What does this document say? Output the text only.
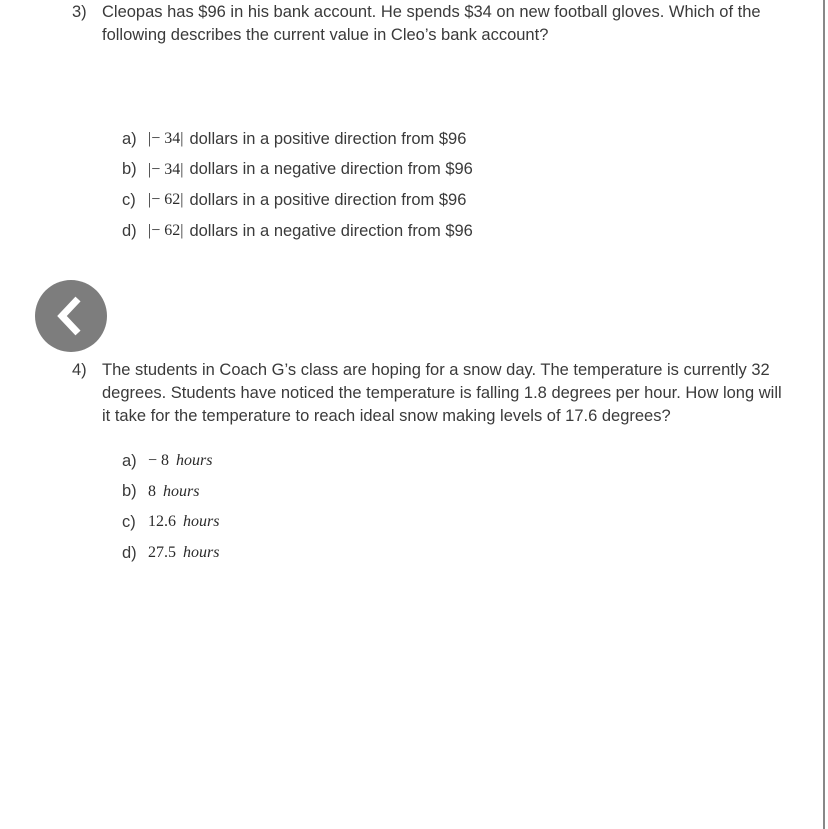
3) Cleopas has $96 in his bank account. He spends $34 on new football gloves. Which of the following describes the current value in Cleo’s bank account?

a) |− 34| dollars in a positive direction from $96
b) |− 34| dollars in a negative direction from $96
c) |− 62| dollars in a positive direction from $96
d) |− 62| dollars in a negative direction from $96
4) The students in Coach G’s class are hoping for a snow day. The temperature is currently 32 degrees. Students have noticed the temperature is falling 1.8 degrees per hour. How long will it take for the temperature to reach ideal snow making levels of 17.6 degrees?

a) − 8 hours
b) 8 hours
c) 12.6 hours
d) 27.5 hours
